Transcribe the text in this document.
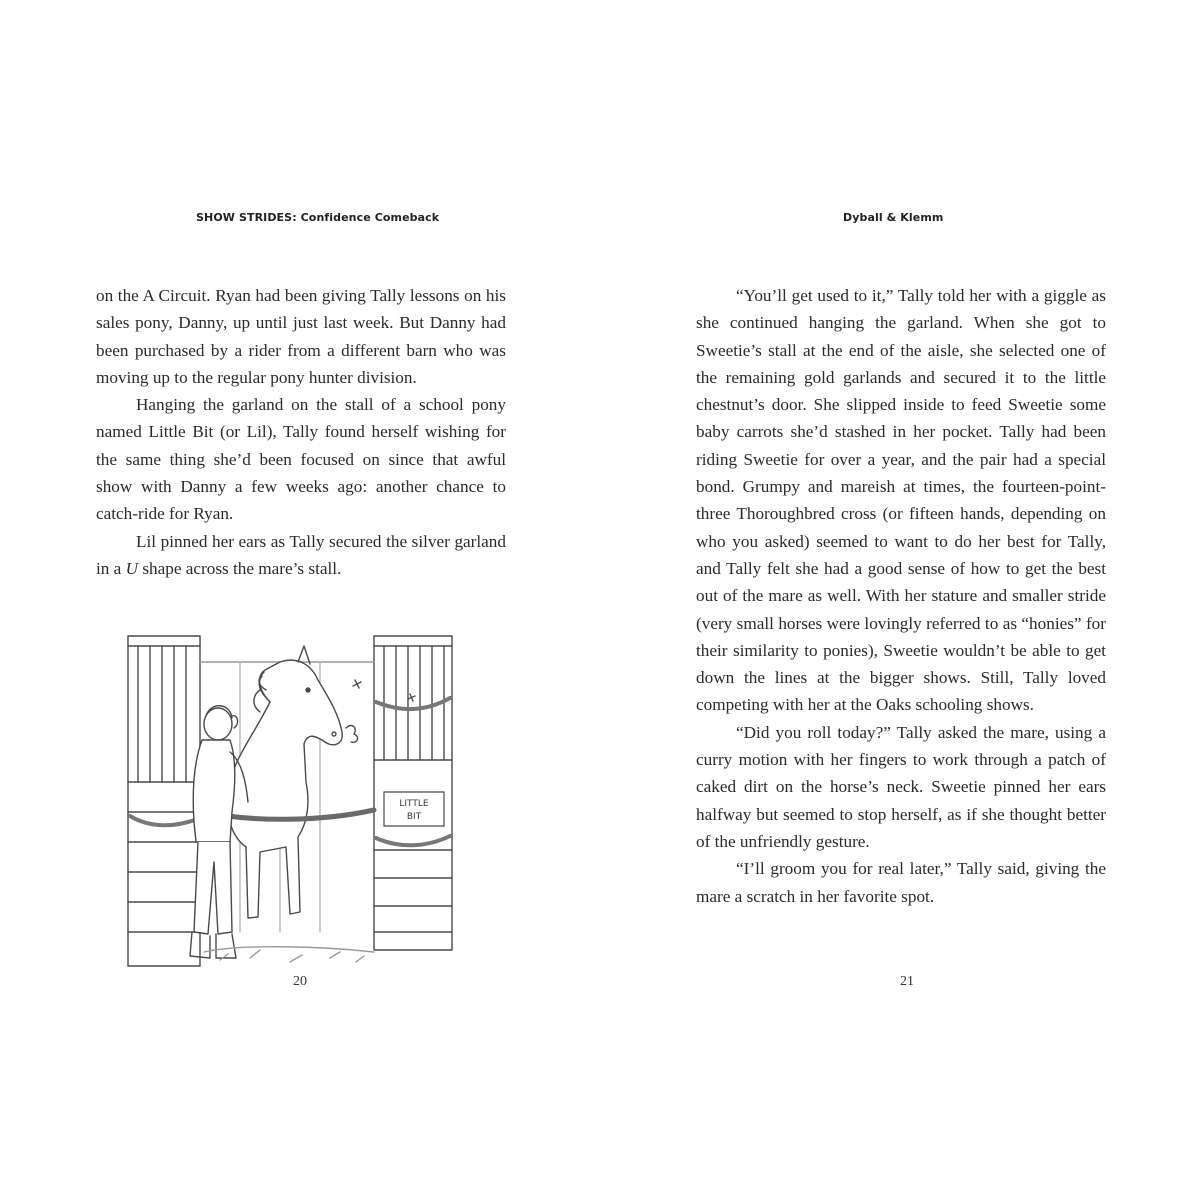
SHOW STRIDES: Confidence Comeback

on the A Circuit. Ryan had been giving Tally lessons on his sales pony, Danny, up until just last week. But Danny had been purchased by a rider from a different barn who was moving up to the regular pony hunter division.

Hanging the garland on the stall of a school pony named Little Bit (or Lil), Tally found herself wishing for the same thing she’d been focused on since that awful show with Danny a few weeks ago: another chance to catch-ride for Ryan.

Lil pinned her ears as Tally secured the silver garland in a U shape across the mare’s stall.

LITTLE
BIT
20
Dyball & Klemm

“You’ll get used to it,” Tally told her with a giggle as she continued hanging the garland. When she got to Sweetie’s stall at the end of the aisle, she selected one of the remaining gold garlands and secured it to the little chestnut’s door. She slipped inside to feed Sweetie some baby carrots she’d stashed in her pocket. Tally had been riding Sweetie for over a year, and the pair had a special bond. Grumpy and mareish at times, the fourteen-point-three Thoroughbred cross (or fifteen hands, depending on who you asked) seemed to want to do her best for Tally, and Tally felt she had a good sense of how to get the best out of the mare as well. With her stature and smaller stride (very small horses were lovingly referred to as “honies” for their similarity to ponies), Sweetie wouldn’t be able to get down the lines at the bigger shows. Still, Tally loved competing with her at the Oaks schooling shows.

“Did you roll today?” Tally asked the mare, using a curry motion with her fingers to work through a patch of caked dirt on the horse’s neck. Sweetie pinned her ears halfway but seemed to stop herself, as if she thought better of the unfriendly gesture.

“I’ll groom you for real later,” Tally said, giving the mare a scratch in her favorite spot.

21
